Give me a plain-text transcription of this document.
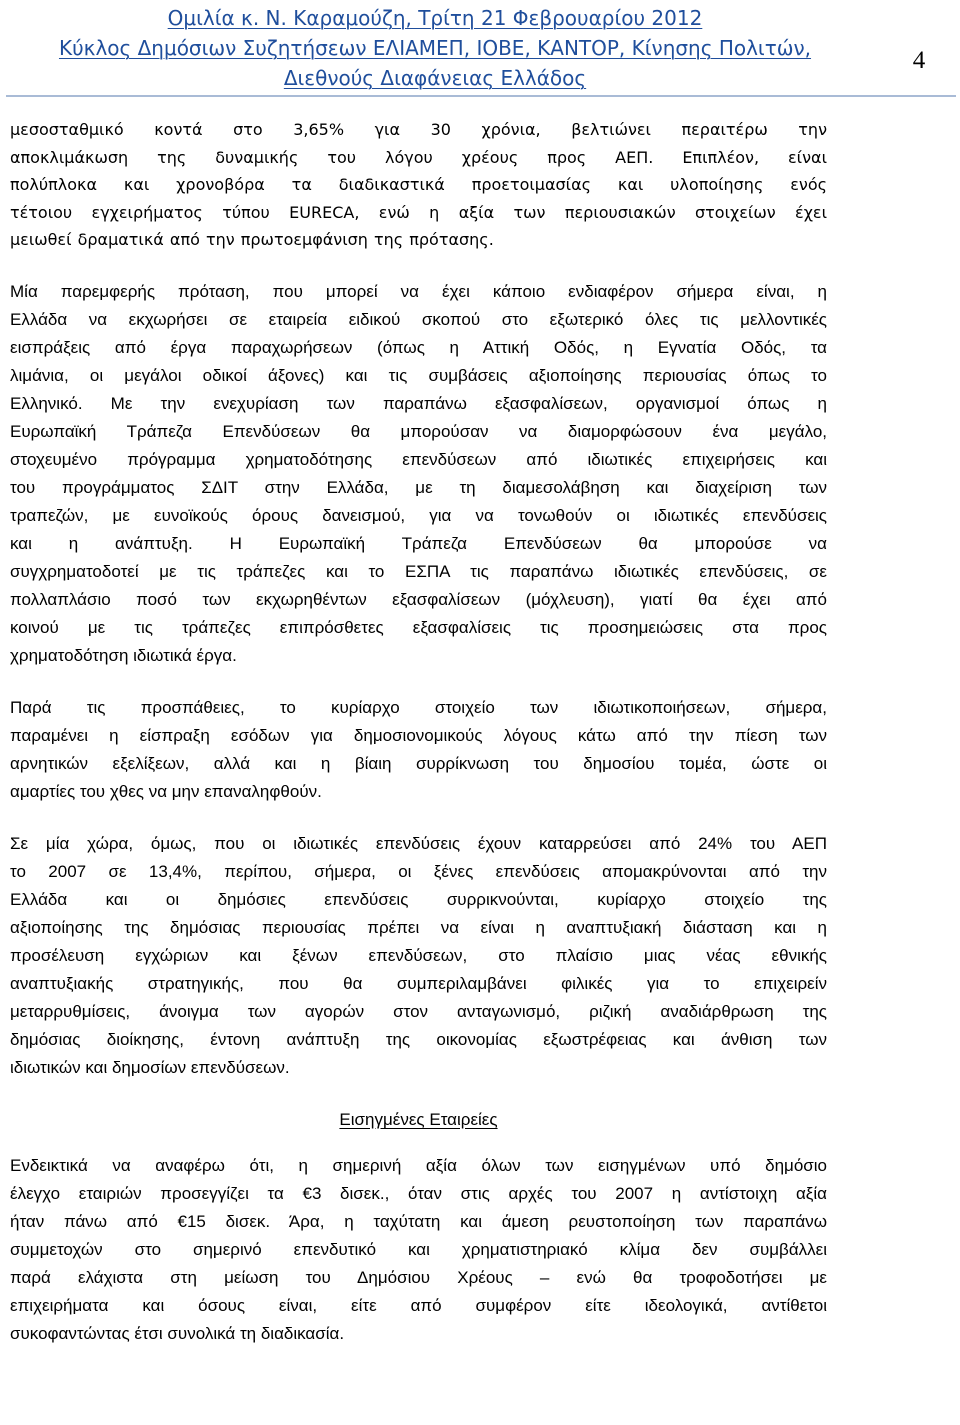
Ομιλία κ. Ν. Καραμούζη, Τρίτη 21 Φεβρουαρίου 2012
Κύκλος Δημόσιων Συζητήσεων ΕΛΙΑΜΕΠ, ΙΟΒΕ, ΚΑΝΤΟΡ, Κίνησης Πολιτών,
Διεθνούς Διαφάνειας Ελλάδος
4
μεσοσταθμικό κοντά στο 3,65% για 30 χρόνια, βελτιώνει περαιτέρω την
αποκλιμάκωση της δυναμικής του λόγου χρέους προς ΑΕΠ. Επιπλέον, είναι
πολύπλοκα και χρονοβόρα τα διαδικαστικά προετοιμασίας και υλοποίησης ενός
τέτοιου εγχειρήματος τύπου EURECA, ενώ η αξία των περιουσιακών στοιχείων έχει
μειωθεί δραματικά από την πρωτοεμφάνιση της πρότασης.
Μία παρεμφερής πρόταση, που μπορεί να έχει κάποιο ενδιαφέρον σήμερα είναι, η
Ελλάδα να εκχωρήσει σε εταιρεία ειδικού σκοπού στο εξωτερικό όλες τις μελλοντικές
εισπράξεις από έργα παραχωρήσεων (όπως η Αττική Οδός, η Εγνατία Οδός, τα
λιμάνια, οι μεγάλοι οδικοί άξονες) και τις συμβάσεις αξιοποίησης περιουσίας όπως το
Ελληνικό. Με την ενεχυρίαση των παραπάνω εξασφαλίσεων, οργανισμοί όπως η
Ευρωπαϊκή Τράπεζα Επενδύσεων θα μπορούσαν να διαμορφώσουν ένα μεγάλο,
στοχευμένο πρόγραμμα χρηματοδότησης επενδύσεων από ιδιωτικές επιχειρήσεις και
του προγράμματος ΣΔΙΤ στην Ελλάδα, με τη διαμεσολάβηση και διαχείριση των
τραπεζών, με ευνοϊκούς όρους δανεισμού, για να τονωθούν οι ιδιωτικές επενδύσεις
και η ανάπτυξη. Η Ευρωπαϊκή Τράπεζα Επενδύσεων θα μπορούσε να
συγχρηματοδοτεί με τις τράπεζες και το ΕΣΠΑ τις παραπάνω ιδιωτικές επενδύσεις, σε
πολλαπλάσιο ποσό των εκχωρηθέντων εξασφαλίσεων (μόχλευση), γιατί θα έχει από
κοινού με τις τράπεζες επιπρόσθετες εξασφαλίσεις τις προσημειώσεις στα προς
χρηματοδότηση ιδιωτικά έργα.
Παρά τις προσπάθειες, το κυρίαρχο στοιχείο των ιδιωτικοποιήσεων, σήμερα,
παραμένει η είσπραξη εσόδων για δημοσιονομικούς λόγους κάτω από την πίεση των
αρνητικών εξελίξεων, αλλά και η βίαιη συρρίκνωση του δημοσίου τομέα, ώστε οι
αμαρτίες του χθες να μην επαναληφθούν.
Σε μία χώρα, όμως, που οι ιδιωτικές επενδύσεις έχουν καταρρεύσει από 24% του ΑΕΠ
το 2007 σε 13,4%, περίπου, σήμερα, οι ξένες επενδύσεις απομακρύνονται από την
Ελλάδα και οι δημόσιες επενδύσεις συρρικνούνται, κυρίαρχο στοιχείο της
αξιοποίησης της δημόσιας περιουσίας πρέπει να είναι η αναπτυξιακή διάσταση και η
προσέλευση εγχώριων και ξένων επενδύσεων, στο πλαίσιο μιας νέας εθνικής
αναπτυξιακής στρατηγικής, που θα συμπεριλαμβάνει φιλικές για το επιχειρείν
μεταρρυθμίσεις, άνοιγμα των αγορών στον ανταγωνισμό, ριζική αναδιάρθρωση της
δημόσιας διοίκησης, έντονη ανάπτυξη της οικονομίας εξωστρέφειας και άνθιση των
ιδιωτικών και δημοσίων επενδύσεων.
Εισηγμένες Εταιρείες
Ενδεικτικά να αναφέρω ότι, η σημερινή αξία όλων των εισηγμένων υπό δημόσιο
έλεγχο εταιριών προσεγγίζει τα €3 δισεκ., όταν στις αρχές του 2007 η αντίστοιχη αξία
ήταν πάνω από €15 δισεκ. Άρα, η ταχύτατη και άμεση ρευστοποίηση των παραπάνω
συμμετοχών στο σημερινό επενδυτικό και χρηματιστηριακό κλίμα δεν συμβάλλει
παρά ελάχιστα στη μείωση του Δημόσιου Χρέους – ενώ θα τροφοδοτήσει με
επιχειρήματα και όσους είναι, είτε από συμφέρον είτε ιδεολογικά, αντίθετοι
συκοφαντώντας έτσι συνολικά τη διαδικασία.
